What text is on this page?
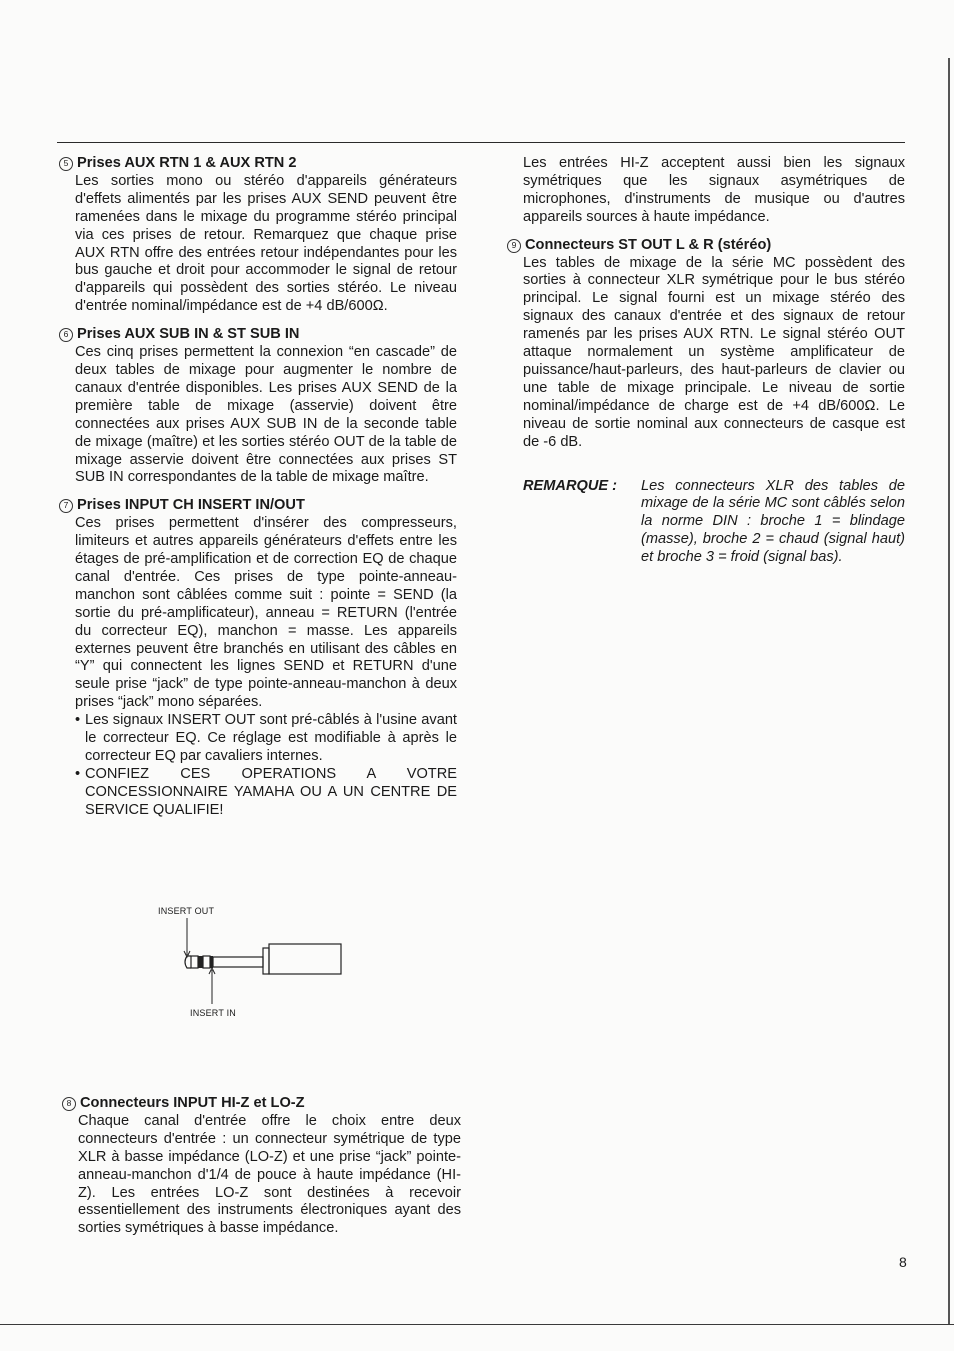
5 Prises AUX RTN 1 & AUX RTN 2

Les sorties mono ou stéréo d'appareils générateurs d'effets alimentés par les prises AUX SEND peuvent être ramenées dans le mixage du programme stéréo principal via ces prises de retour. Remarquez que chaque prise AUX RTN offre des entrées retour indépendantes pour les bus gauche et droit pour accommoder le signal de retour d'appareils qui possèdent des sorties stéréo. Le niveau d'entrée nominal/impédance est de +4 dB/600Ω.

6 Prises AUX SUB IN & ST SUB IN

Ces cinq prises permettent la connexion “en cascade” de deux tables de mixage pour augmenter le nombre de canaux d'entrée disponibles. Les prises AUX SEND de la première table de mixage (asservie) doivent être connectées aux prises AUX SUB IN de la seconde table de mixage (maître) et les sorties stéréo OUT de la table de mixage asservie doivent être connectées aux prises ST SUB IN correspondantes de la table de mixage maître.

7 Prises INPUT CH INSERT IN/OUT

Ces prises permettent d'insérer des compresseurs, limiteurs et autres appareils générateurs d'effets entre les étages de pré-amplification et de correction EQ de chaque canal d'entrée. Ces prises de type pointe-anneau-manchon sont câblées comme suit : pointe = SEND (la sortie du pré-amplificateur), anneau = RETURN (l'entrée du correcteur EQ), manchon = masse. Les appareils externes peuvent être branchés en utilisant des câbles en “Y” qui connectent les lignes SEND et RETURN d'une seule prise “jack” de type pointe-anneau-manchon à deux prises “jack” mono séparées.

• Les signaux INSERT OUT sont pré-câblés à l'usine avant le correcteur EQ. Ce réglage est modifiable à après le correcteur EQ par cavaliers internes.
• CONFIEZ CES OPERATIONS A VOTRE CONCESSIONNAIRE YAMAHA OU A UN CENTRE DE SERVICE QUALIFIE!
INSERT OUT
INSERT IN
8 Connecteurs INPUT HI-Z et LO-Z

Chaque canal d'entrée offre le choix entre deux connecteurs d'entrée : un connecteur symétrique de type XLR à basse impédance (LO-Z) et une prise “jack” pointe-anneau-manchon d'1/4 de pouce à haute impédance (HI-Z). Les entrées LO-Z sont destinées à recevoir essentiellement des instruments électroniques ayant des sorties symétriques à basse impédance.

Les entrées HI-Z acceptent aussi bien les signaux symétriques que les signaux asymétriques de microphones, d'instruments de musique ou d'autres appareils sources à haute impédance.

9 Connecteurs ST OUT L & R (stéréo)

Les tables de mixage de la série MC possèdent des sorties à connecteur XLR symétrique pour le bus stéréo principal. Le signal fourni est un mixage stéréo des signaux des canaux d'entrée et des signaux de retour ramenés par les prises AUX RTN. Le signal stéréo OUT attaque normalement un système amplificateur de puissance/haut-parleurs, des haut-parleurs de clavier ou une table de mixage principale. Le niveau de sortie nominal/impédance de charge est de +4 dB/600Ω. Le niveau de sortie nominal aux connecteurs de casque est de -6 dB.

REMARQUE :	Les connecteurs XLR des tables de mixage de la série MC sont câblés selon la norme DIN : broche 1 = blindage (masse), broche 2 = chaud (signal haut) et broche 3 = froid (signal bas).
8
